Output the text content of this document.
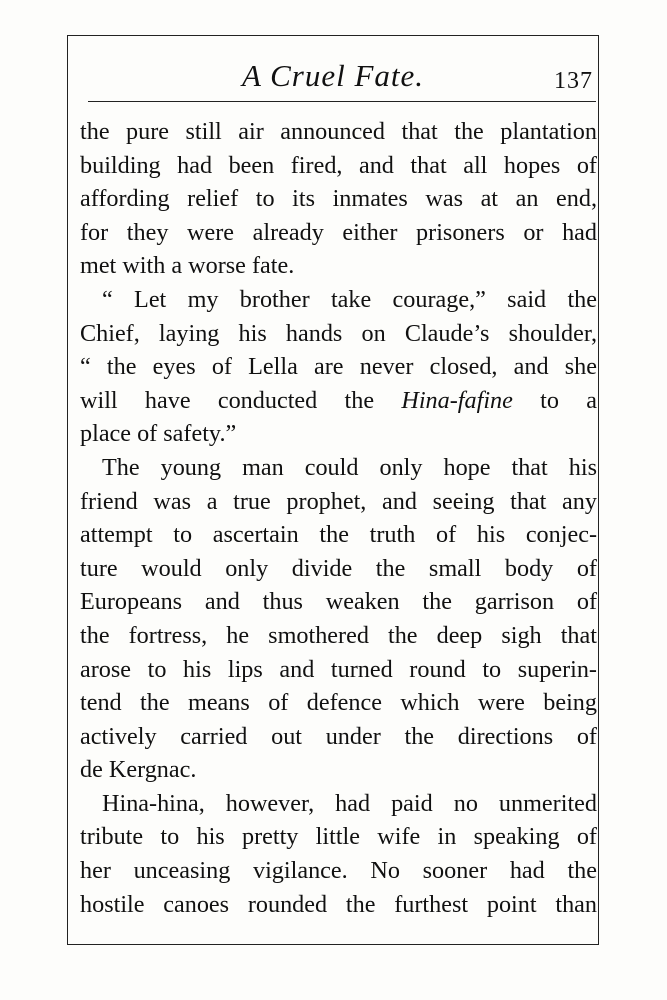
A Cruel Fate.	137

the pure still air announced that the plantation
building had been fired, and that all hopes of
affording relief to its inmates was at an end,
for they were already either prisoners or had
met with a worse fate.

“ Let my brother take courage,” said the
Chief, laying his hands on Claude’s shoulder,
“ the eyes of Lella are never closed, and she
will have conducted the Hina-fafine to a
place of safety.”

The young man could only hope that his
friend was a true prophet, and seeing that any
attempt to ascertain the truth of his conjec-
ture would only divide the small body of
Europeans and thus weaken the garrison of
the fortress, he smothered the deep sigh that
arose to his lips and turned round to superin-
tend the means of defence which were being
actively carried out under the directions of
de Kergnac.

Hina-hina, however, had paid no unmerited
tribute to his pretty little wife in speaking of
her unceasing vigilance. No sooner had the
hostile canoes rounded the furthest point than
